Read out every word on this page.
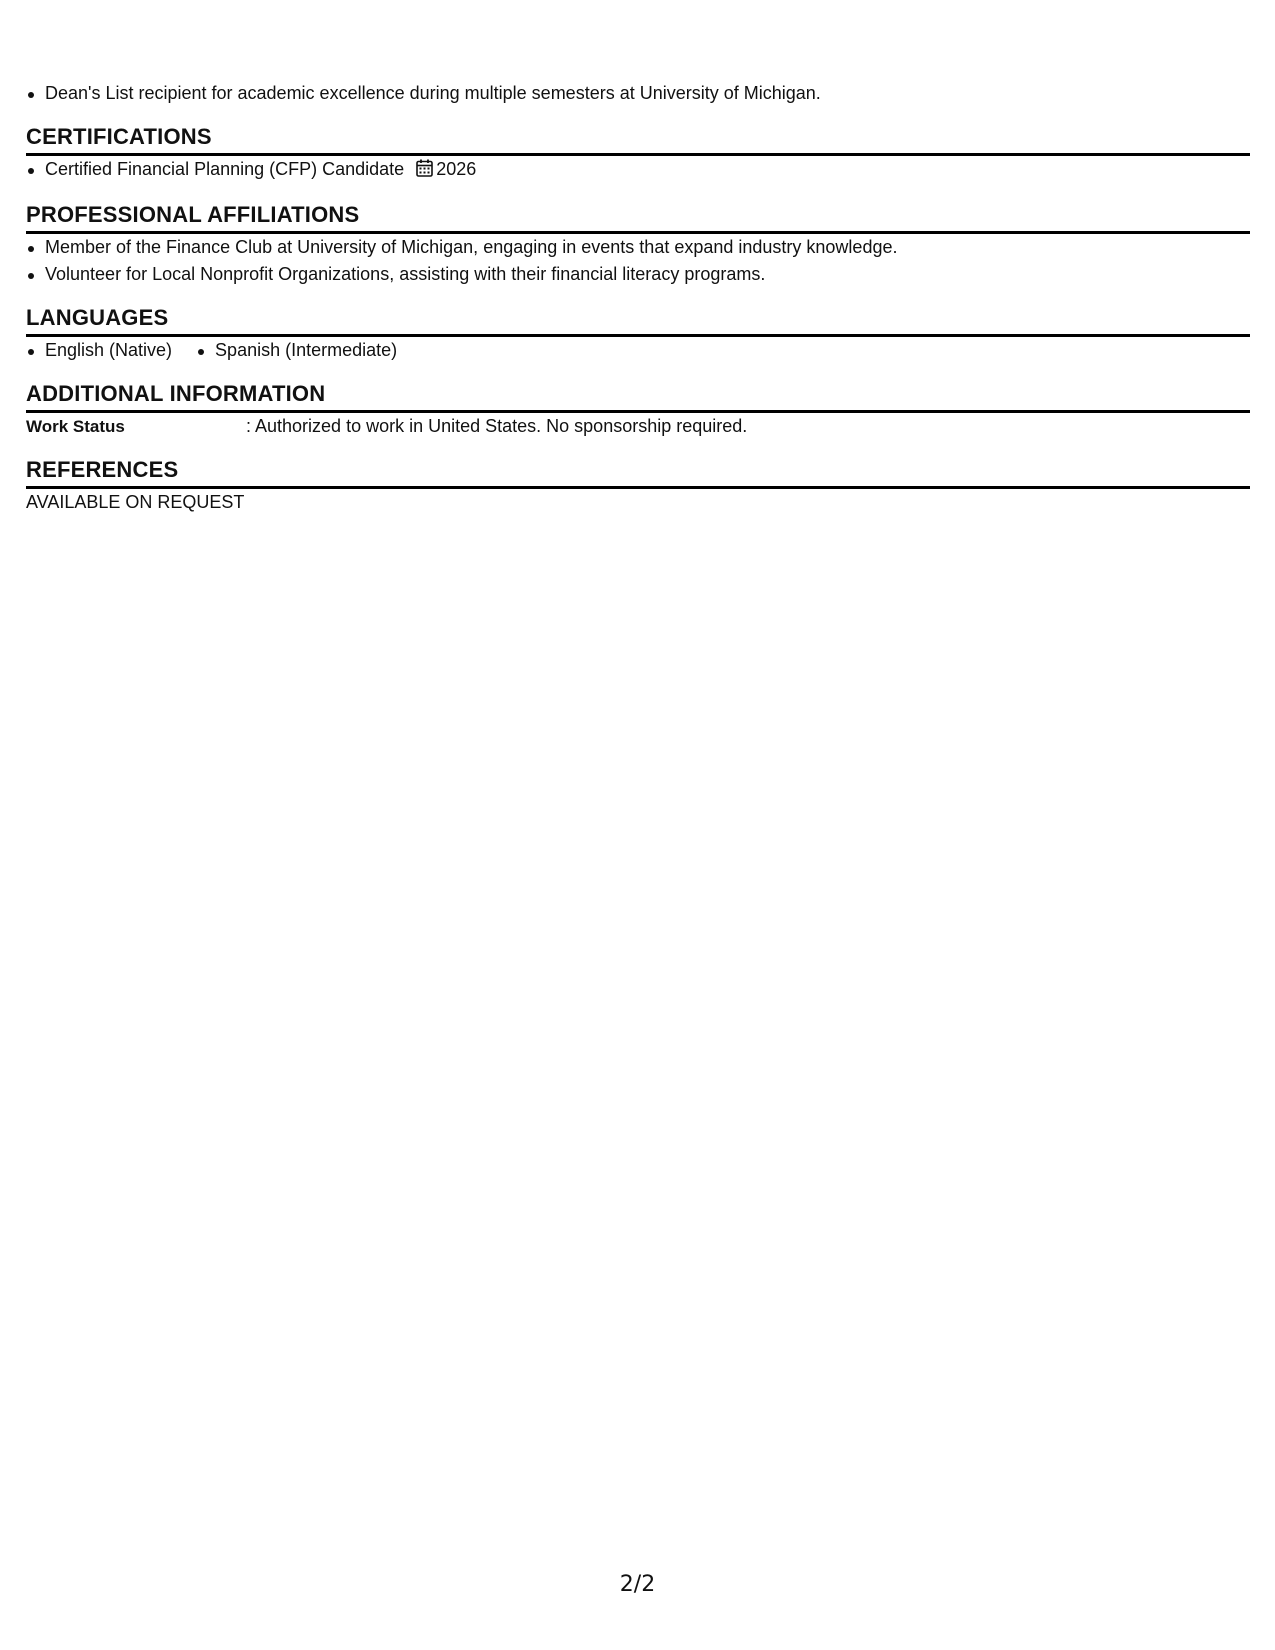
Dean's List recipient for academic excellence during multiple semesters at University of Michigan.
CERTIFICATIONS
Certified Financial Planning (CFP) Candidate 2026
PROFESSIONAL AFFILIATIONS
Member of the Finance Club at University of Michigan, engaging in events that expand industry knowledge.
Volunteer for Local Nonprofit Organizations, assisting with their financial literacy programs.
LANGUAGES
English (Native)	Spanish (Intermediate)
ADDITIONAL INFORMATION
Work Status	: Authorized to work in United States. No sponsorship required.
REFERENCES
AVAILABLE ON REQUEST
2/2
